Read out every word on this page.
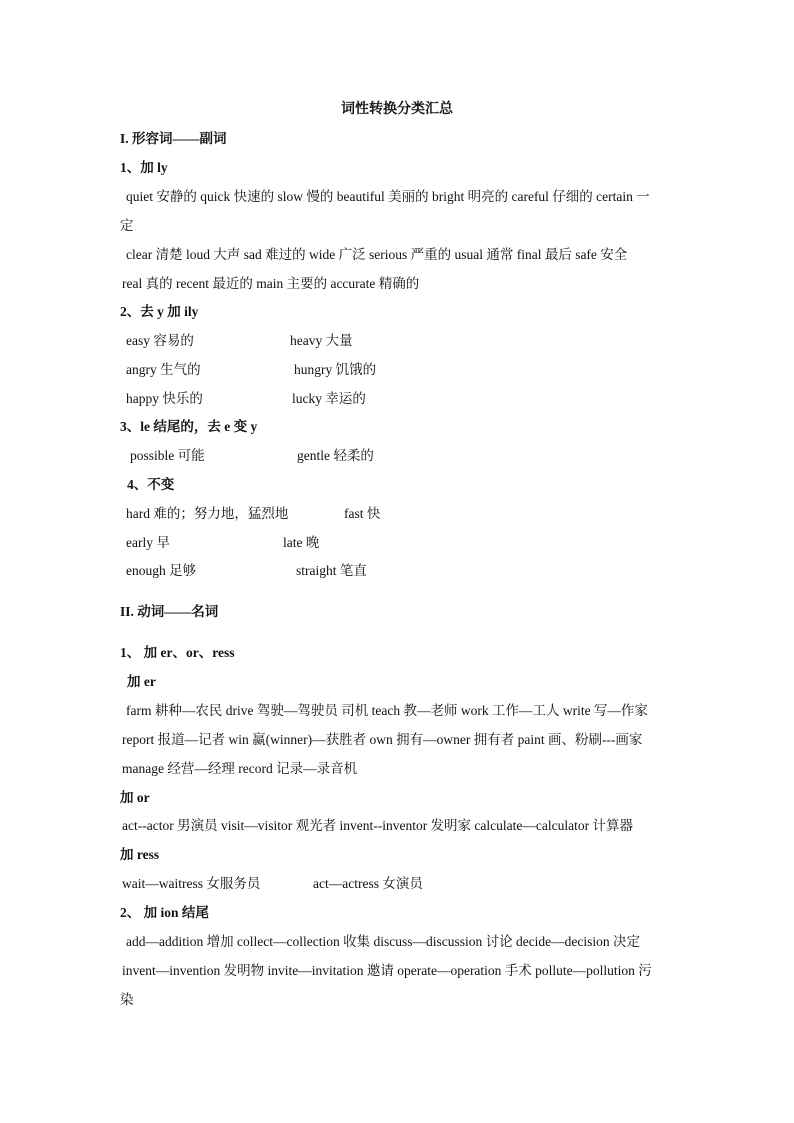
词性转换分类汇总
I. 形容词——副词
1、加 ly
quiet 安静的 quick 快速的 slow 慢的 beautiful 美丽的 bright 明亮的 careful 仔细的 certain 一
定
clear 清楚 loud 大声 sad 难过的 wide 广泛 serious 严重的 usual 通常 final 最后 safe 安全
real 真的 recent 最近的 main 主要的 accurate 精确的
2、去 y 加 ily
easy 容易的	heavy 大量
angry 生气的	hungry 饥饿的
happy 快乐的	lucky 幸运的
3、le 结尾的，去 e 变 y
possible 可能	gentle 轻柔的
4、不变
hard 难的；努力地，猛烈地	fast 快
early 早	late 晚
enough 足够	straight 笔直
II. 动词——名词
1、 加 er、or、ress
加 er
farm 耕种—农民 drive 驾驶—驾驶员 司机 teach 教—老师 work 工作—工人 write 写—作家
report 报道—记者 win 赢(winner)—获胜者 own 拥有—owner 拥有者 paint 画、粉刷---画家
manage 经营—经理 record 记录—录音机
加 or
act--actor 男演员 visit—visitor 观光者 invent--inventor 发明家 calculate—calculator 计算器
加 ress
wait—waitress 女服务员	act—actress 女演员
2、 加 ion 结尾
add—addition 增加 collect—collection 收集 discuss—discussion 讨论 decide—decision 决定
invent—invention 发明物 invite—invitation 邀请 operate—operation 手术 pollute—pollution 污
染
